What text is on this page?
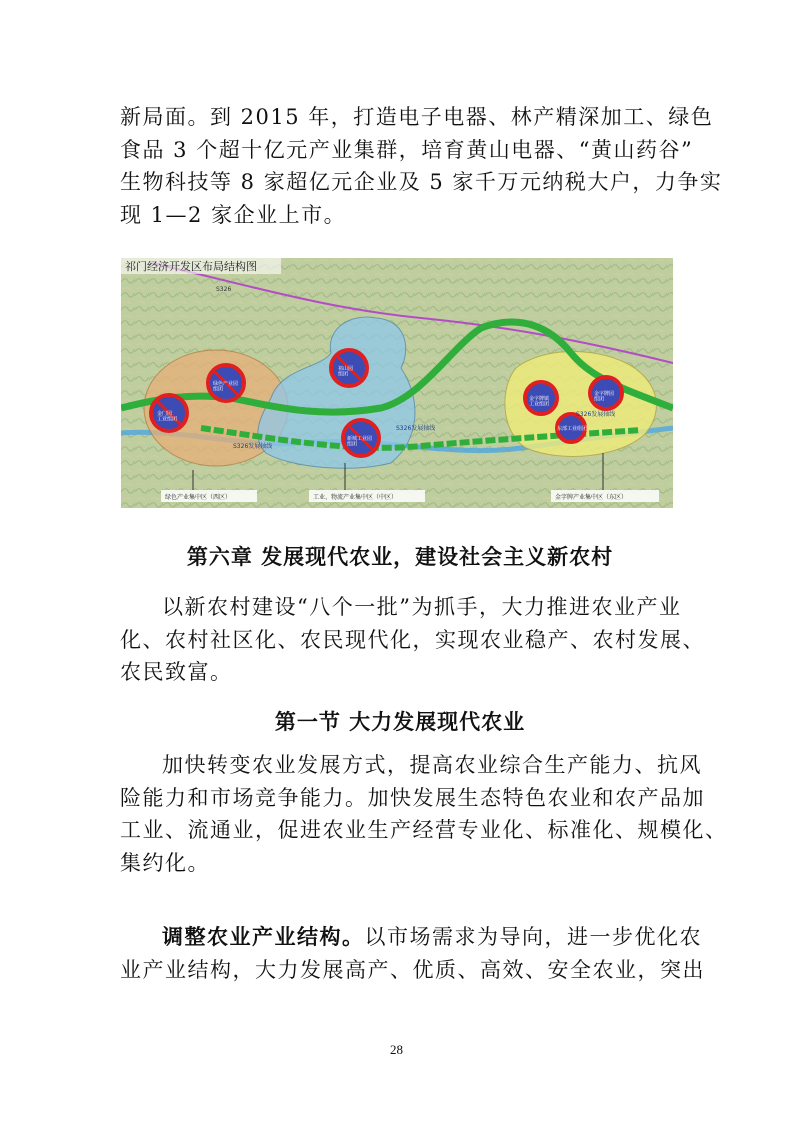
新局面。到 2015 年，打造电子电器、林产精深加工、绿色
食品 3 个超十亿元产业集群，培育黄山电器、“黄山药谷”
生物科技等 8 家超亿元企业及 5 家千万元纳税大户，力争实
现 1—2 家企业上市。
祁门经济开发区布局结构图
S326
金门园工业组团
绿色产业园组团
祁山园组团
新城工业园组团
金字牌镇工业组团
金字牌园组团
东部工业组团
S326发展轴线
S326发展轴线
S326发展轴线
绿色产业集中区（西区）	工业、物流产业集中区（中区）	金字牌产业集中区（东区）
第六章 发展现代农业，建设社会主义新农村
以新农村建设“八个一批”为抓手，大力推进农业产业
化、农村社区化、农民现代化，实现农业稳产、农村发展、
农民致富。
第一节 大力发展现代农业
加快转变农业发展方式，提高农业综合生产能力、抗风
险能力和市场竞争能力。加快发展生态特色农业和农产品加
工业、流通业，促进农业生产经营专业化、标准化、规模化、
集约化。
调整农业产业结构。以市场需求为导向，进一步优化农
业产业结构，大力发展高产、优质、高效、安全农业，突出
28
